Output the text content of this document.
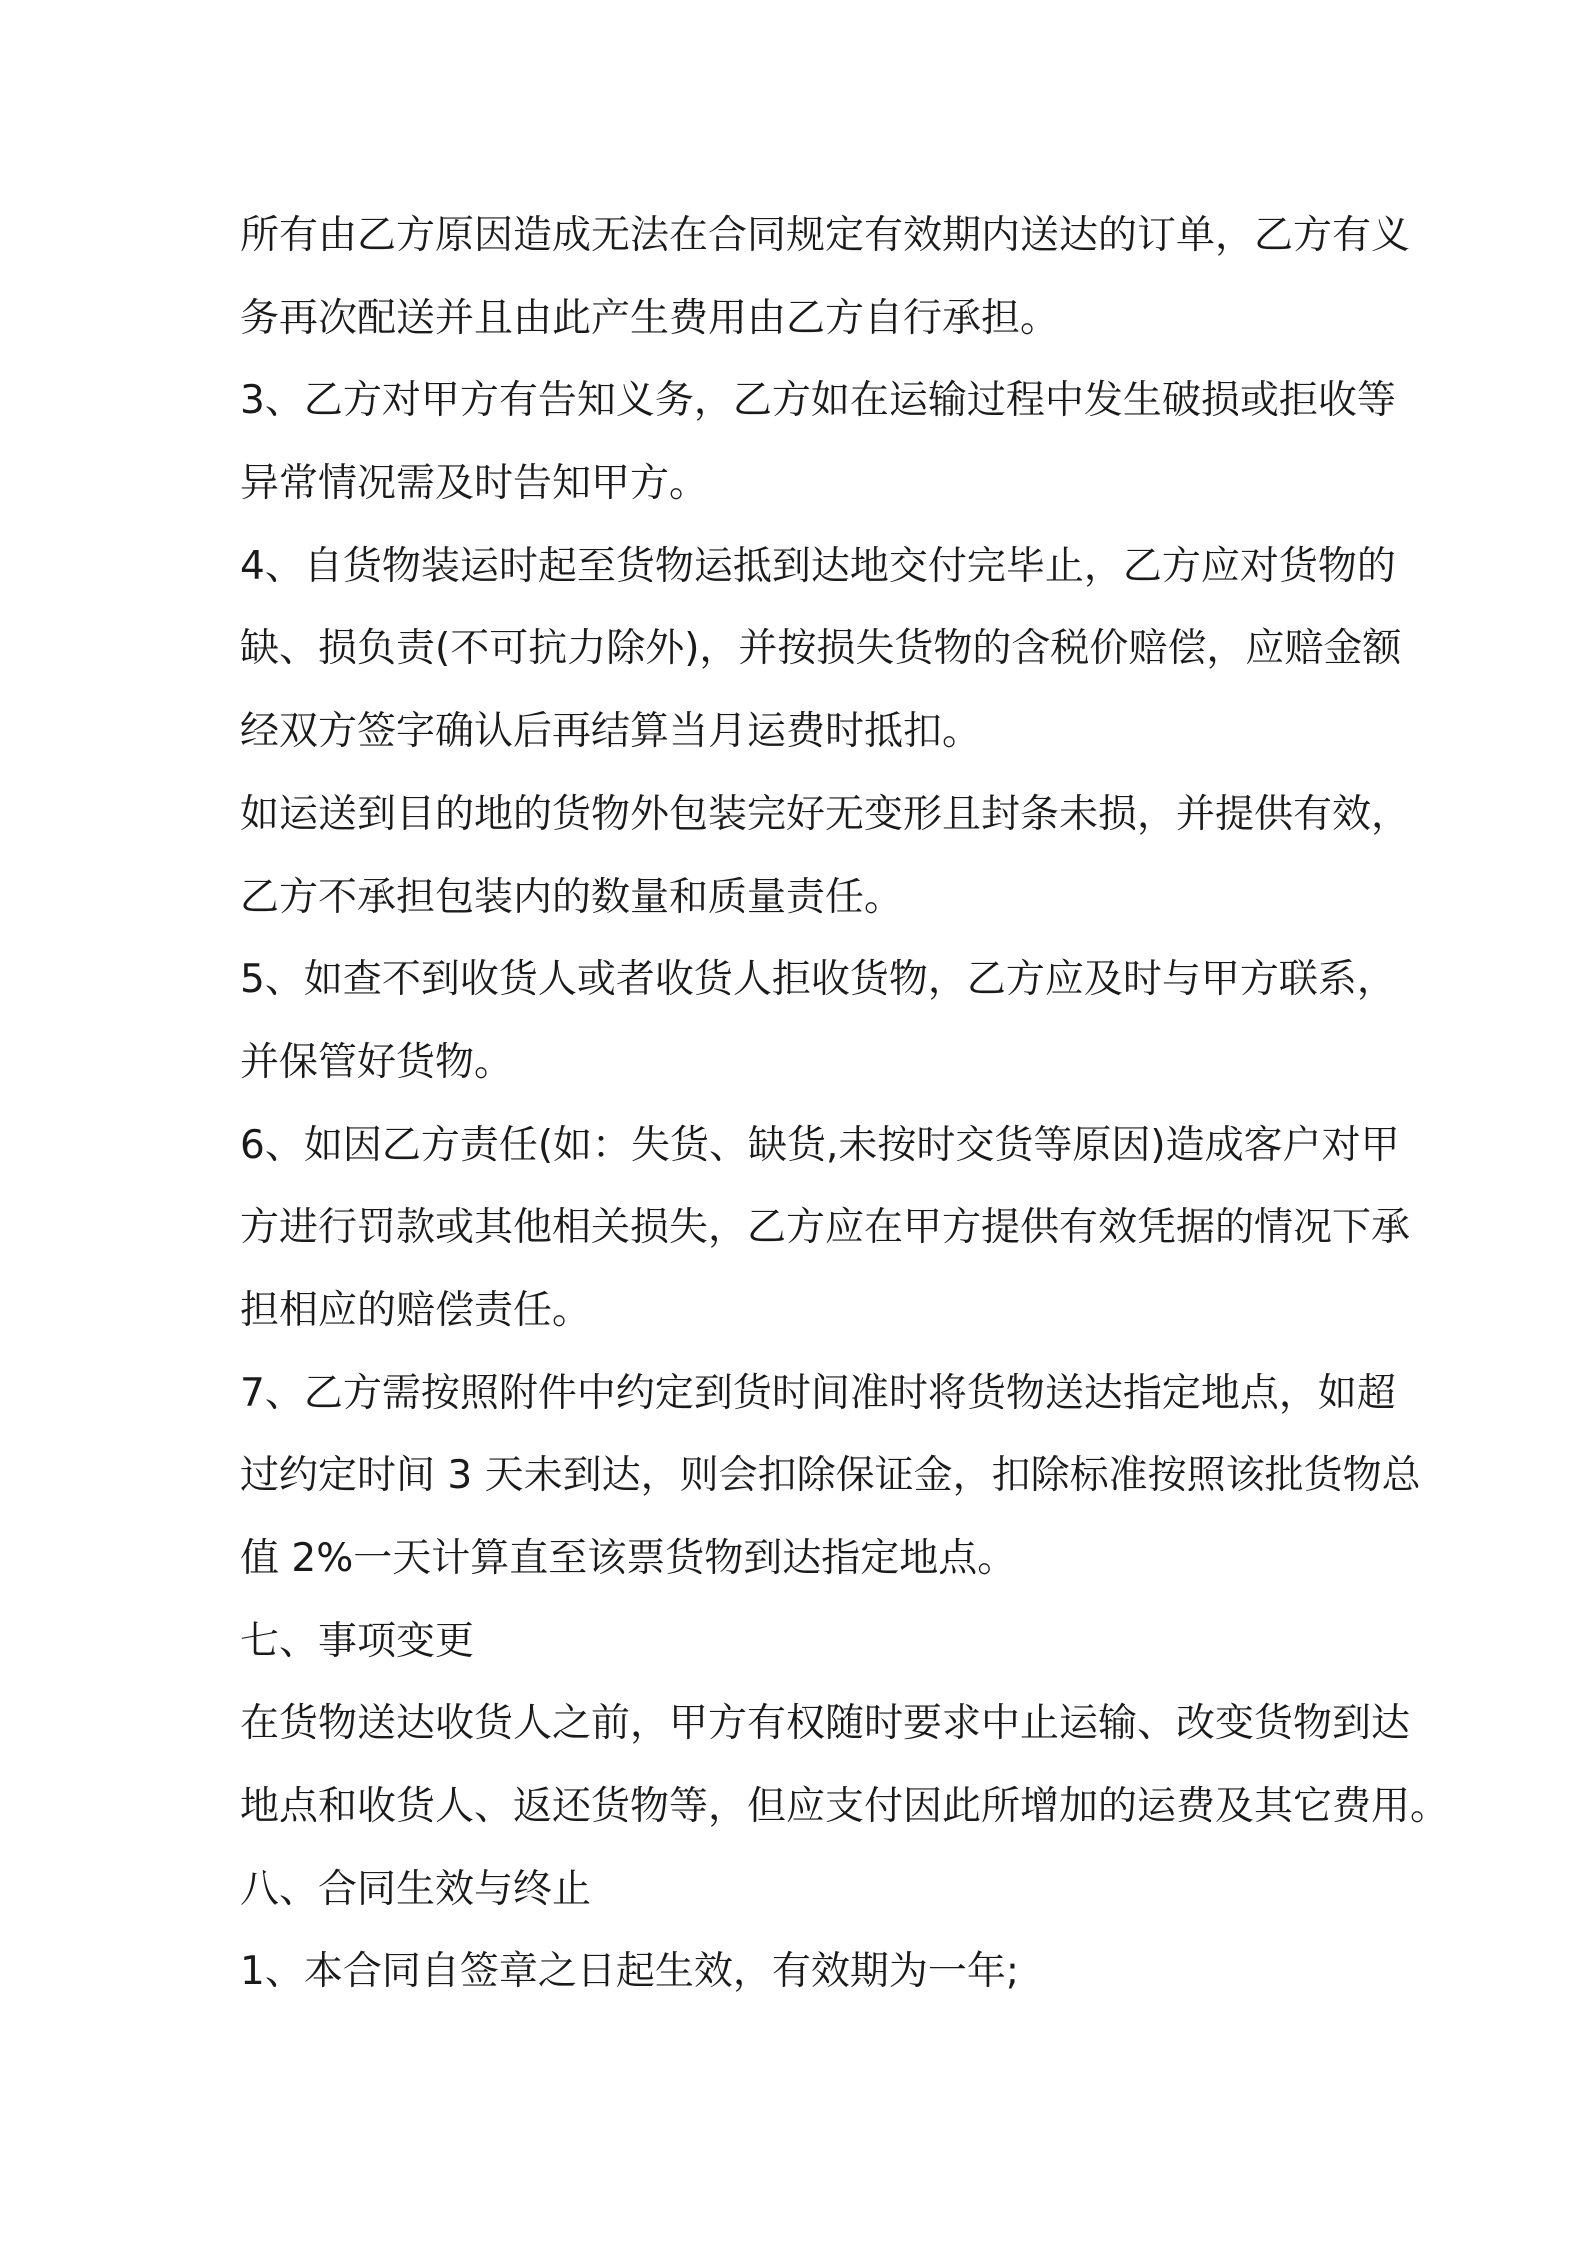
所有由乙方原因造成无法在合同规定有效期内送达的订单，乙方有义
务再次配送并且由此产生费用由乙方自行承担。
3、乙方对甲方有告知义务，乙方如在运输过程中发生破损或拒收等
异常情况需及时告知甲方。
4、自货物装运时起至货物运抵到达地交付完毕止，乙方应对货物的
缺、损负责(不可抗力除外)，并按损失货物的含税价赔偿，应赔金额
经双方签字确认后再结算当月运费时抵扣。
如运送到目的地的货物外包装完好无变形且封条未损，并提供有效，
乙方不承担包装内的数量和质量责任。
5、如查不到收货人或者收货人拒收货物，乙方应及时与甲方联系，
并保管好货物。
6、如因乙方责任(如：失货、缺货,未按时交货等原因)造成客户对甲
方进行罚款或其他相关损失，乙方应在甲方提供有效凭据的情况下承
担相应的赔偿责任。
7、乙方需按照附件中约定到货时间准时将货物送达指定地点，如超
过约定时间 3 天未到达，则会扣除保证金，扣除标准按照该批货物总
值 2%一天计算直至该票货物到达指定地点。
七、事项变更
在货物送达收货人之前，甲方有权随时要求中止运输、改变货物到达
地点和收货人、返还货物等，但应支付因此所增加的运费及其它费用。
八、合同生效与终止
1、本合同自签章之日起生效，有效期为一年;
